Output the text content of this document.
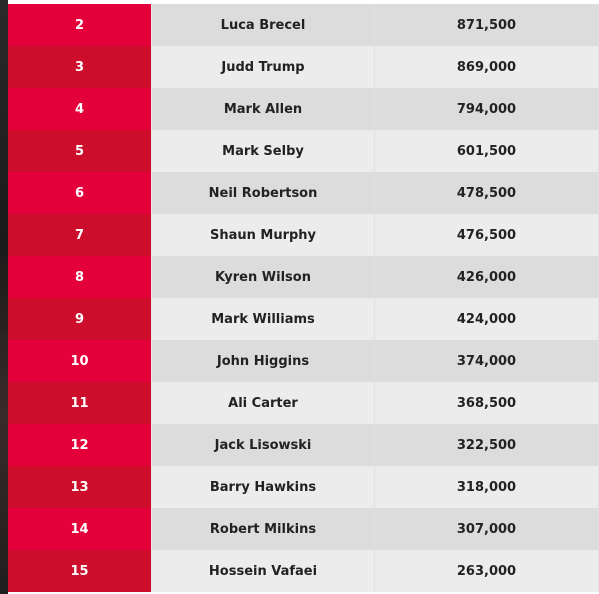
2	Luca Brecel	871,500
3	Judd Trump	869,000
4	Mark Allen	794,000
5	Mark Selby	601,500
6	Neil Robertson	478,500
7	Shaun Murphy	476,500
8	Kyren Wilson	426,000
9	Mark Williams	424,000
10	John Higgins	374,000
11	Ali Carter	368,500
12	Jack Lisowski	322,500
13	Barry Hawkins	318,000
14	Robert Milkins	307,000
15	Hossein Vafaei	263,000
